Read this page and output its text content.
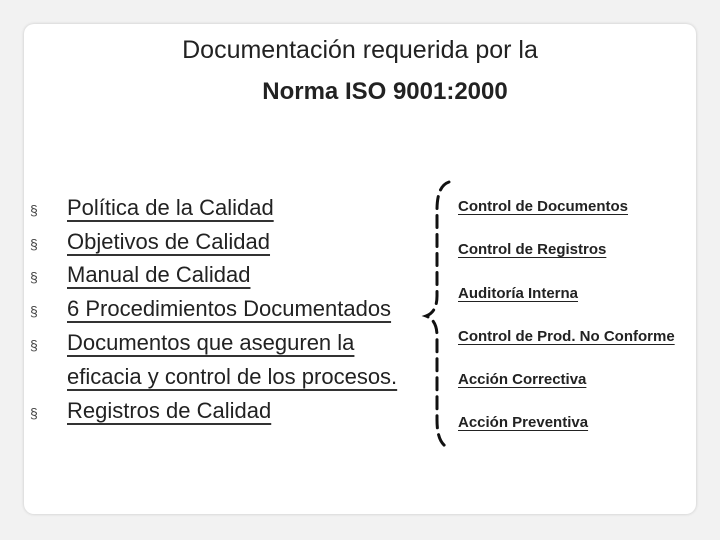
Documentación requerida por la
Norma ISO 9001:2000
§ Política de la Calidad
§ Objetivos de Calidad
§ Manual de Calidad
§ 6 Procedimientos Documentados
§ Documentos que aseguren la
eficacia y control de los procesos.
§ Registros de Calidad
Control de Documentos
Control de Registros
Auditoría Interna
Control de Prod. No Conforme
Acción Correctiva
Acción Preventiva
